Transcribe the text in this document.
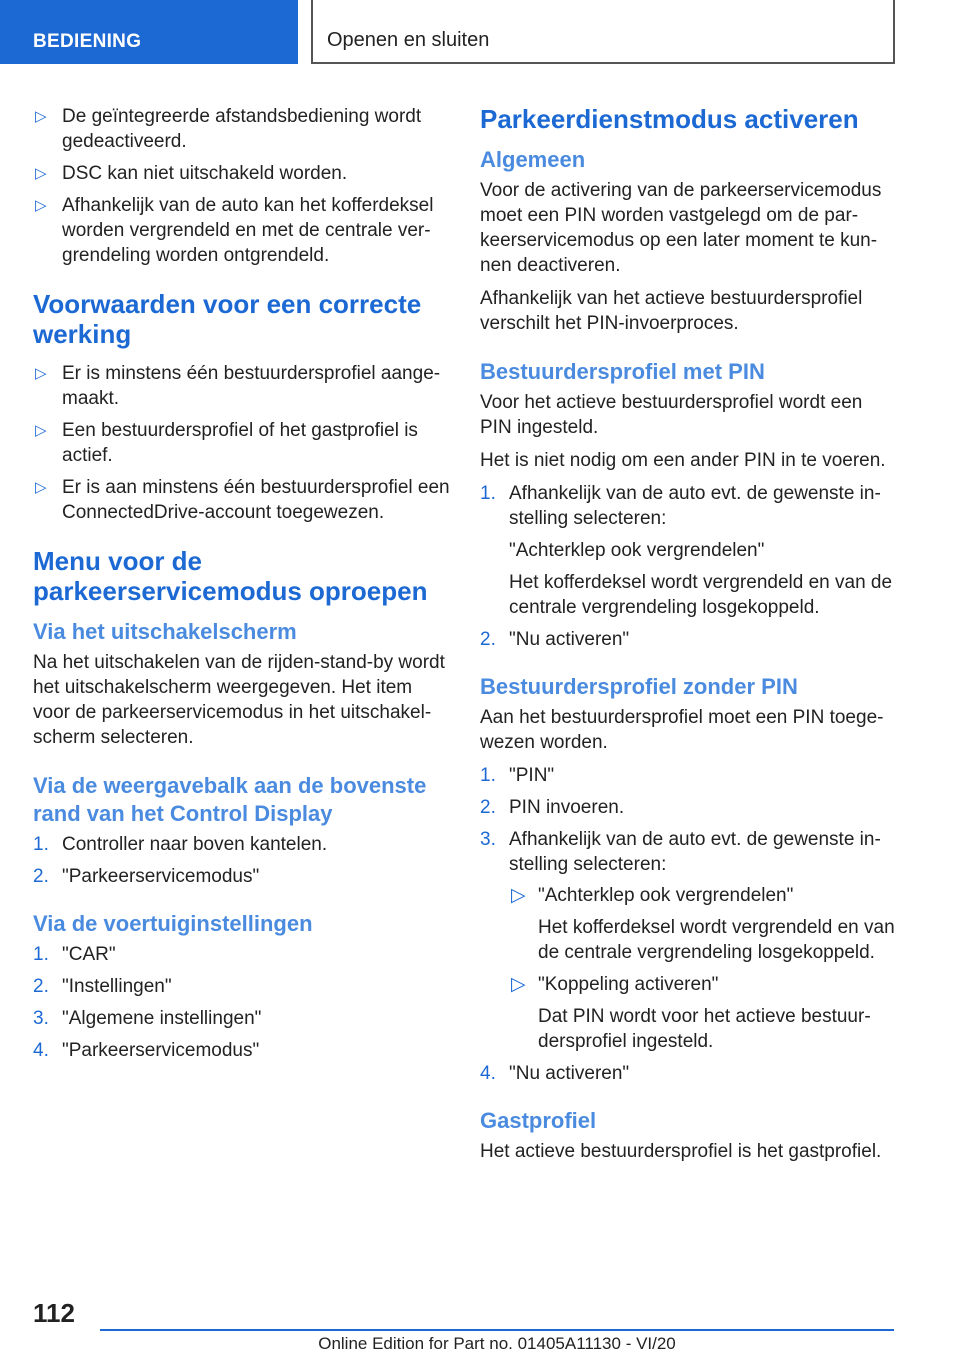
BEDIENING	Openen en sluiten
▷ De geïntegreerde afstandsbediening wordt gedeactiveerd.
▷ DSC kan niet uitschakeld worden.
▷ Afhankelijk van de auto kan het kofferdeksel worden vergrendeld en met de centrale vergrendeling worden ontgrendeld.
Voorwaarden voor een correcte werking
▷ Er is minstens één bestuurdersprofiel aangemaakt.
▷ Een bestuurdersprofiel of het gastprofiel is actief.
▷ Er is aan minstens één bestuurdersprofiel een ConnectedDrive-account toegewezen.
Menu voor de parkeerservicemodus oproepen
Via het uitschakelscherm
Na het uitschakelen van de rijden-stand-by wordt het uitschakelscherm weergegeven. Het item voor de parkeerservicemodus in het uitschakelscherm selecteren.
Via de weergavebalk aan de bovenste rand van het Control Display
1. Controller naar boven kantelen.
2. "Parkeerservicemodus"
Via de voertuiginstellingen
1. "CAR"
2. "Instellingen"
3. "Algemene instellingen"
4. "Parkeerservicemodus"
Parkeerdienstmodus activeren
Algemeen
Voor de activering van de parkeerservicemodus moet een PIN worden vastgelegd om de parkeerservicemodus op een later moment te kunnen deactiveren.
Afhankelijk van het actieve bestuurdersprofiel verschilt het PIN-invoerproces.
Bestuurdersprofiel met PIN
Voor het actieve bestuurdersprofiel wordt een PIN ingesteld.
Het is niet nodig om een ander PIN in te voeren.
1. Afhankelijk van de auto evt. de gewenste instelling selecteren:
"Achterklep ook vergrendelen"
Het kofferdeksel wordt vergrendeld en van de centrale vergrendeling losgekoppeld.
2. "Nu activeren"
Bestuurdersprofiel zonder PIN
Aan het bestuurdersprofiel moet een PIN toegewezen worden.
1. "PIN"
2. PIN invoeren.
3. Afhankelijk van de auto evt. de gewenste instelling selecteren:
▷ "Achterklep ook vergrendelen"
Het kofferdeksel wordt vergrendeld en van de centrale vergrendeling losgekoppeld.
▷ "Koppeling activeren"
Dat PIN wordt voor het actieve bestuurdersprofiel ingesteld.
4. "Nu activeren"
Gastprofiel
Het actieve bestuurdersprofiel is het gastprofiel.
112
Online Edition for Part no. 01405A11130 - VI/20
